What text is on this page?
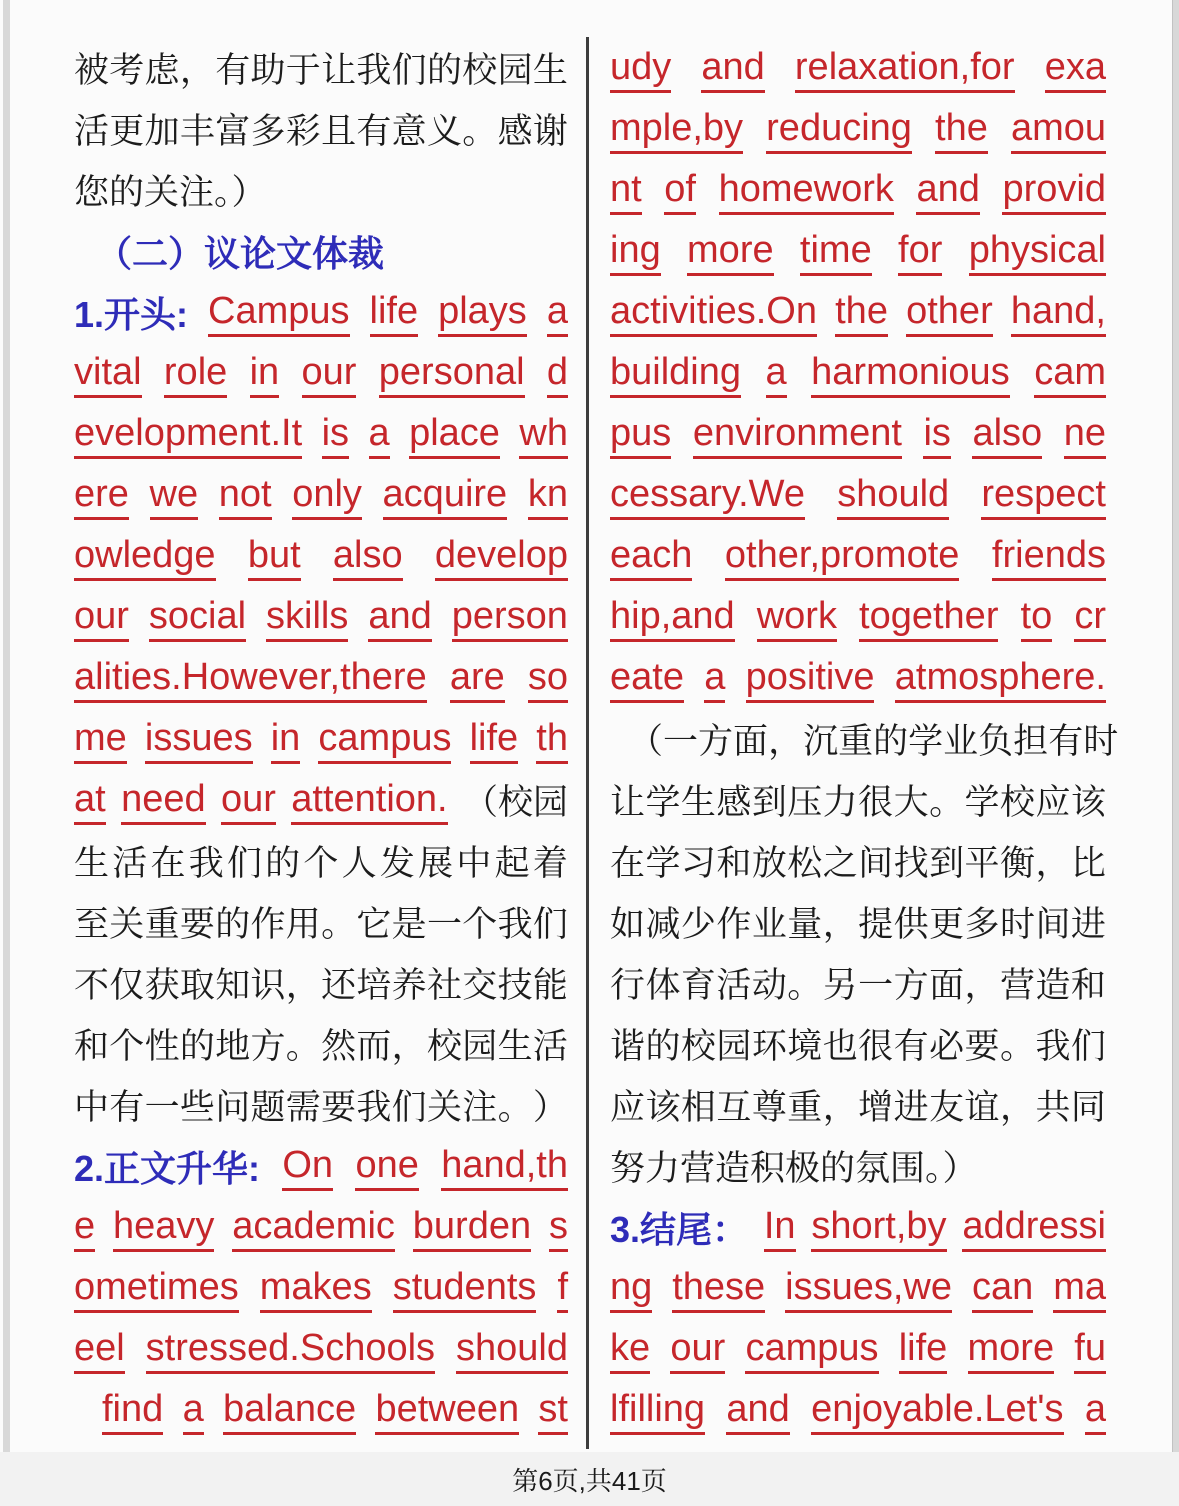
被 考 虑 ， 有 助 于 让 我 们 的 校 园 生
活 更 加 丰 富 多 彩 且 有 意 义 。 感 谢
您的关注。）
（二）议论文体裁
1.开头: Campus life plays a
vital role in our personal d
evelopment.It is a place wh
ere we not only acquire kn
owledge but also develop
our social skills and person
alities.However,there are so
me issues in campus life th
at need our attention. （校园
生 活 在 我 们 的 个 人 发 展 中 起 着
至 关 重 要 的 作 用 。 它 是 一 个 我 们
不 仅 获 取 知 识 ， 还 培 养 社 交 技 能
和 个 性 的 地 方 。 然 而 ， 校 园 生 活
中 有 一 些 问 题 需 要 我 们 关 注 。 ）
2.正文升华: On one hand,th
e heavy academic burden s
ometimes makes students f
eel stressed.Schools should
find a balance between st
udy and relaxation,for exa
mple,by reducing the amou
nt of homework and provid
ing more time for physical
activities.On the other hand,
building a harmonious cam
pus environment is also ne
cessary.We should respect
each other,promote friends
hip,and work together to cr
eate a positive atmosphere.
（ 一 方 面 ， 沉 重 的 学 业 负 担 有 时
让 学 生 感 到 压 力 很 大 。 学 校 应 该
在 学 习 和 放 松 之 间 找 到 平 衡 ， 比
如 减 少 作 业 量 ， 提 供 更 多 时 间 进
行 体 育 活 动 。 另 一 方 面 ， 营 造 和
谐 的 校 园 环 境 也 很 有 必 要 。 我 们
应 该 相 互 尊 重 ， 增 进 友 谊 ， 共 同
努力营造积极的氛围。）
3.结尾： In short,by addressi
ng these issues,we can ma
ke our campus life more fu
lfilling and enjoyable.Let's a
第6页,共41页
